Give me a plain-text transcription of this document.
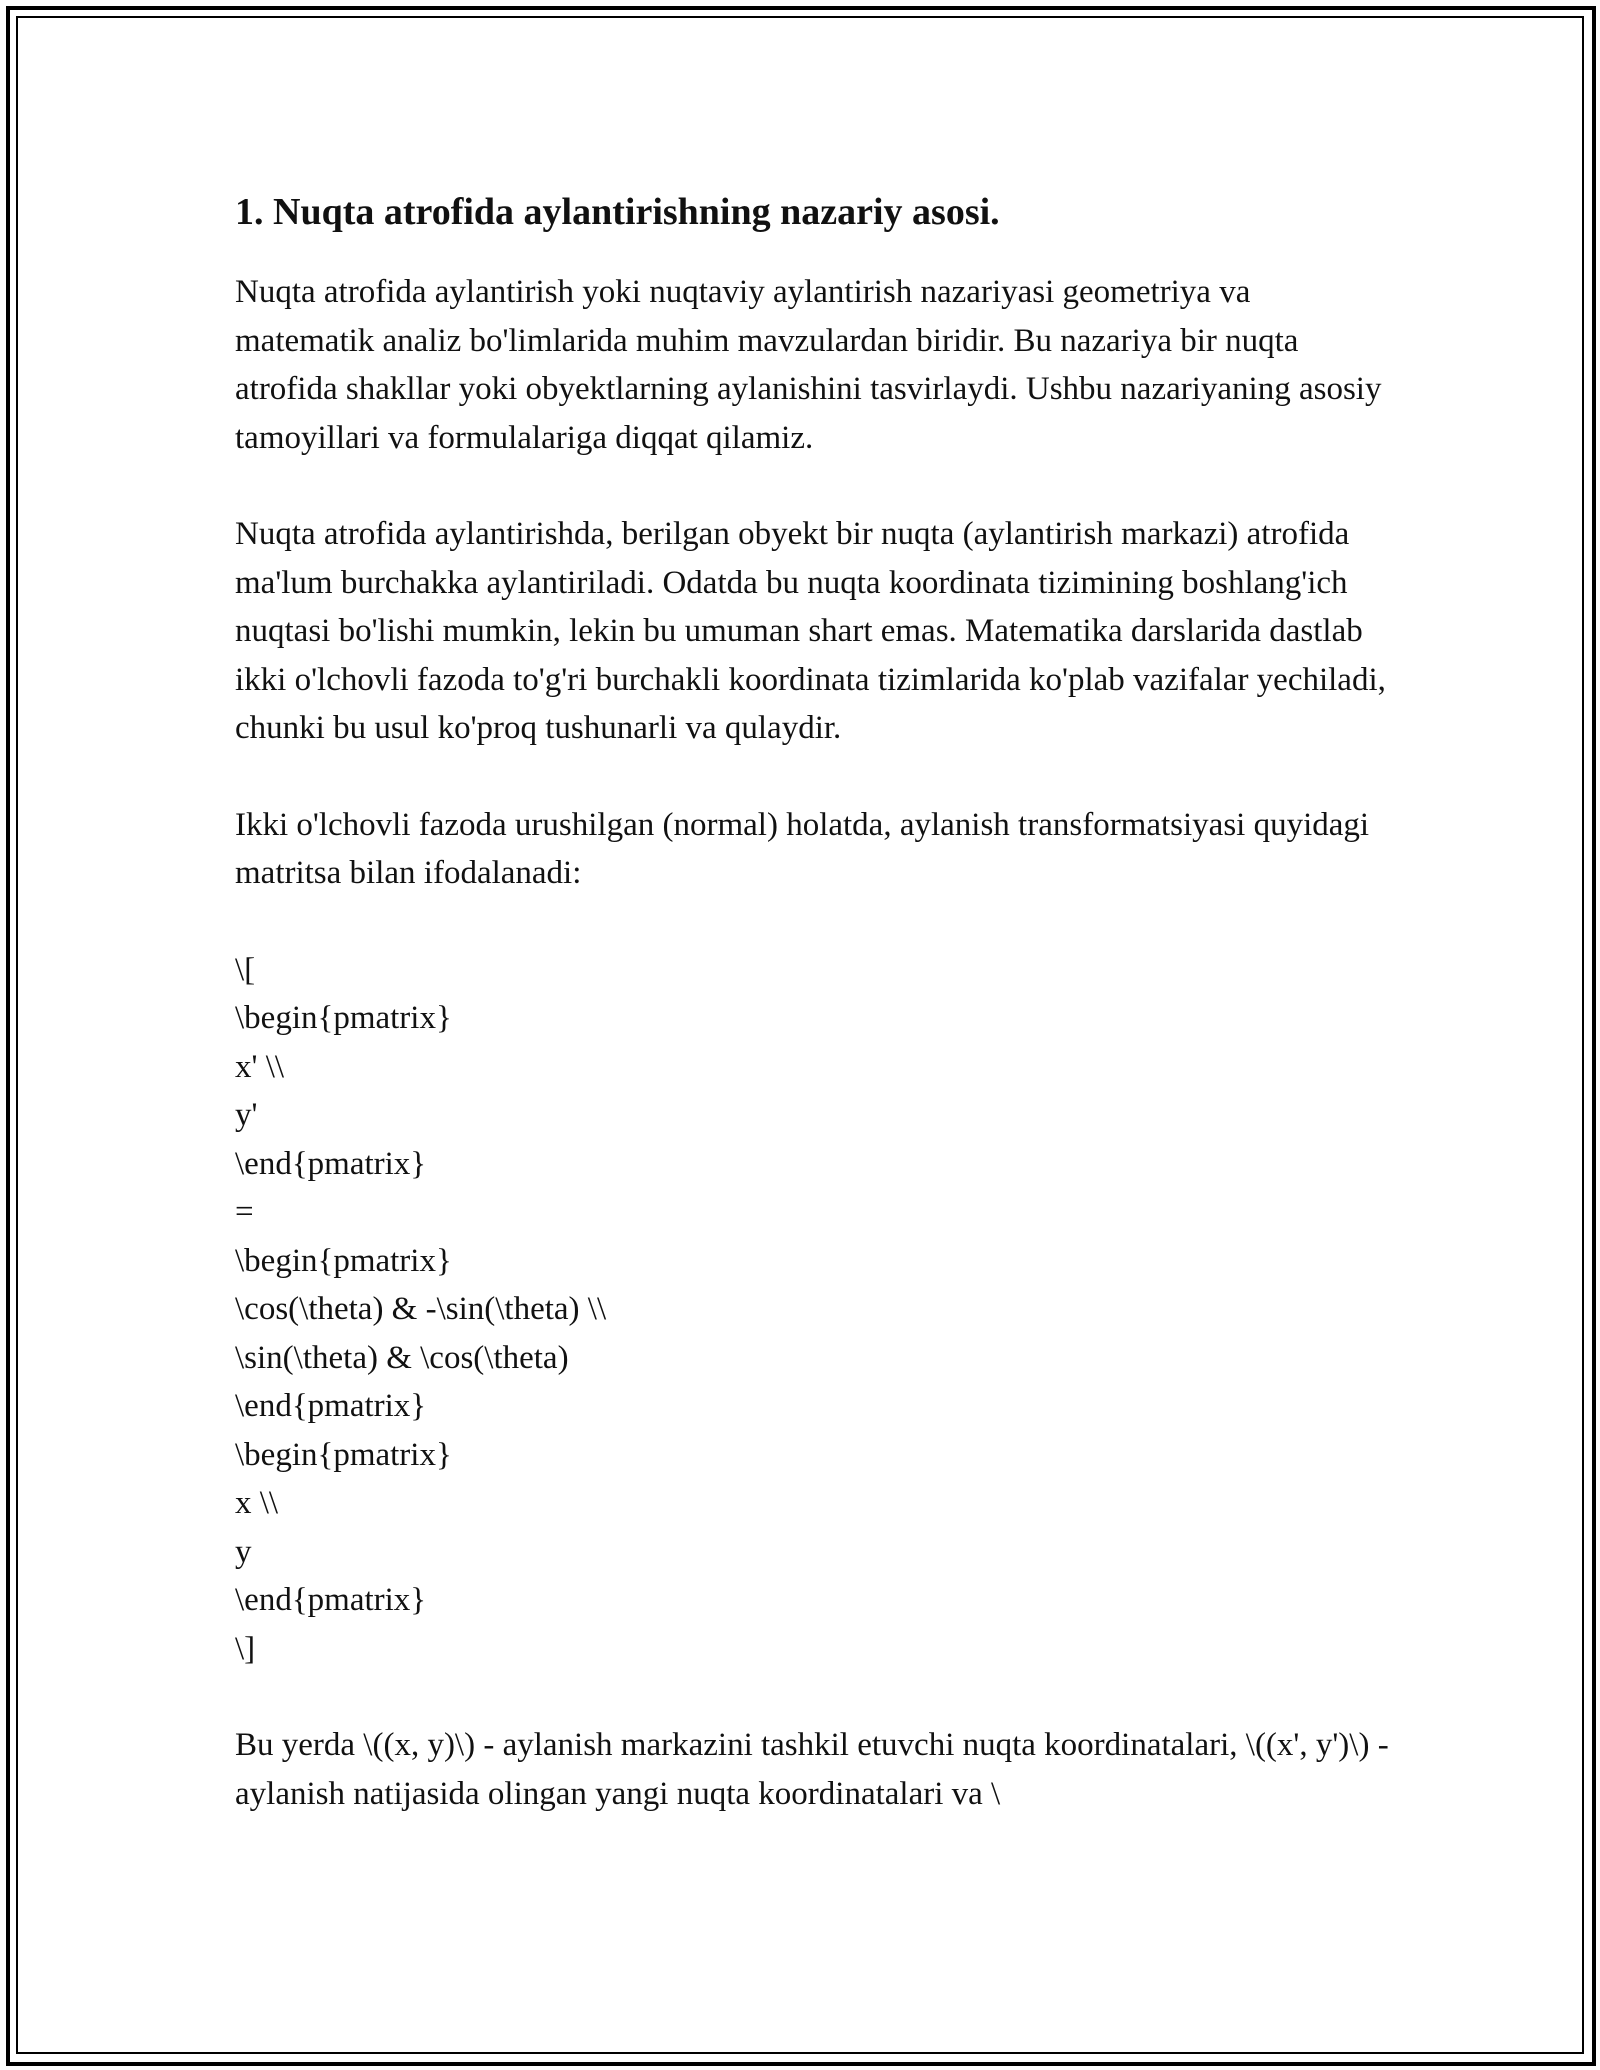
1. Nuqta atrofida aylantirishning nazariy asosi.

Nuqta atrofida aylantirish yoki nuqtaviy aylantirish nazariyasi geometriya va matematik analiz bo'limlarida muhim mavzulardan biridir. Bu nazariya bir nuqta atrofida shakllar yoki obyektlarning aylanishini tasvirlaydi. Ushbu nazariyaning asosiy tamoyillari va formulalariga diqqat qilamiz.

Nuqta atrofida aylantirishda, berilgan obyekt bir nuqta (aylantirish markazi) atrofida ma'lum burchakka aylantiriladi. Odatda bu nuqta koordinata tizimining boshlang'ich nuqtasi bo'lishi mumkin, lekin bu umuman shart emas. Matematika darslarida dastlab ikki o'lchovli fazoda to'g'ri burchakli koordinata tizimlarida ko'plab vazifalar yechiladi, chunki bu usul ko'proq tushunarli va qulaydir.

Ikki o'lchovli fazoda urushilgan (normal) holatda, aylanish transformatsiyasi quyidagi matritsa bilan ifodalanadi:

\[
\begin{pmatrix}
x' \\
y'
\end{pmatrix}
=
\begin{pmatrix}
\cos(\theta) & -\sin(\theta) \\
\sin(\theta) & \cos(\theta)
\end{pmatrix}
\begin{pmatrix}
x \\
y
\end{pmatrix}
\]

Bu yerda \((x, y)\) - aylanish markazini tashkil etuvchi nuqta koordinatalari, \((x', y')\) - aylanish natijasida olingan yangi nuqta koordinatalari va \
